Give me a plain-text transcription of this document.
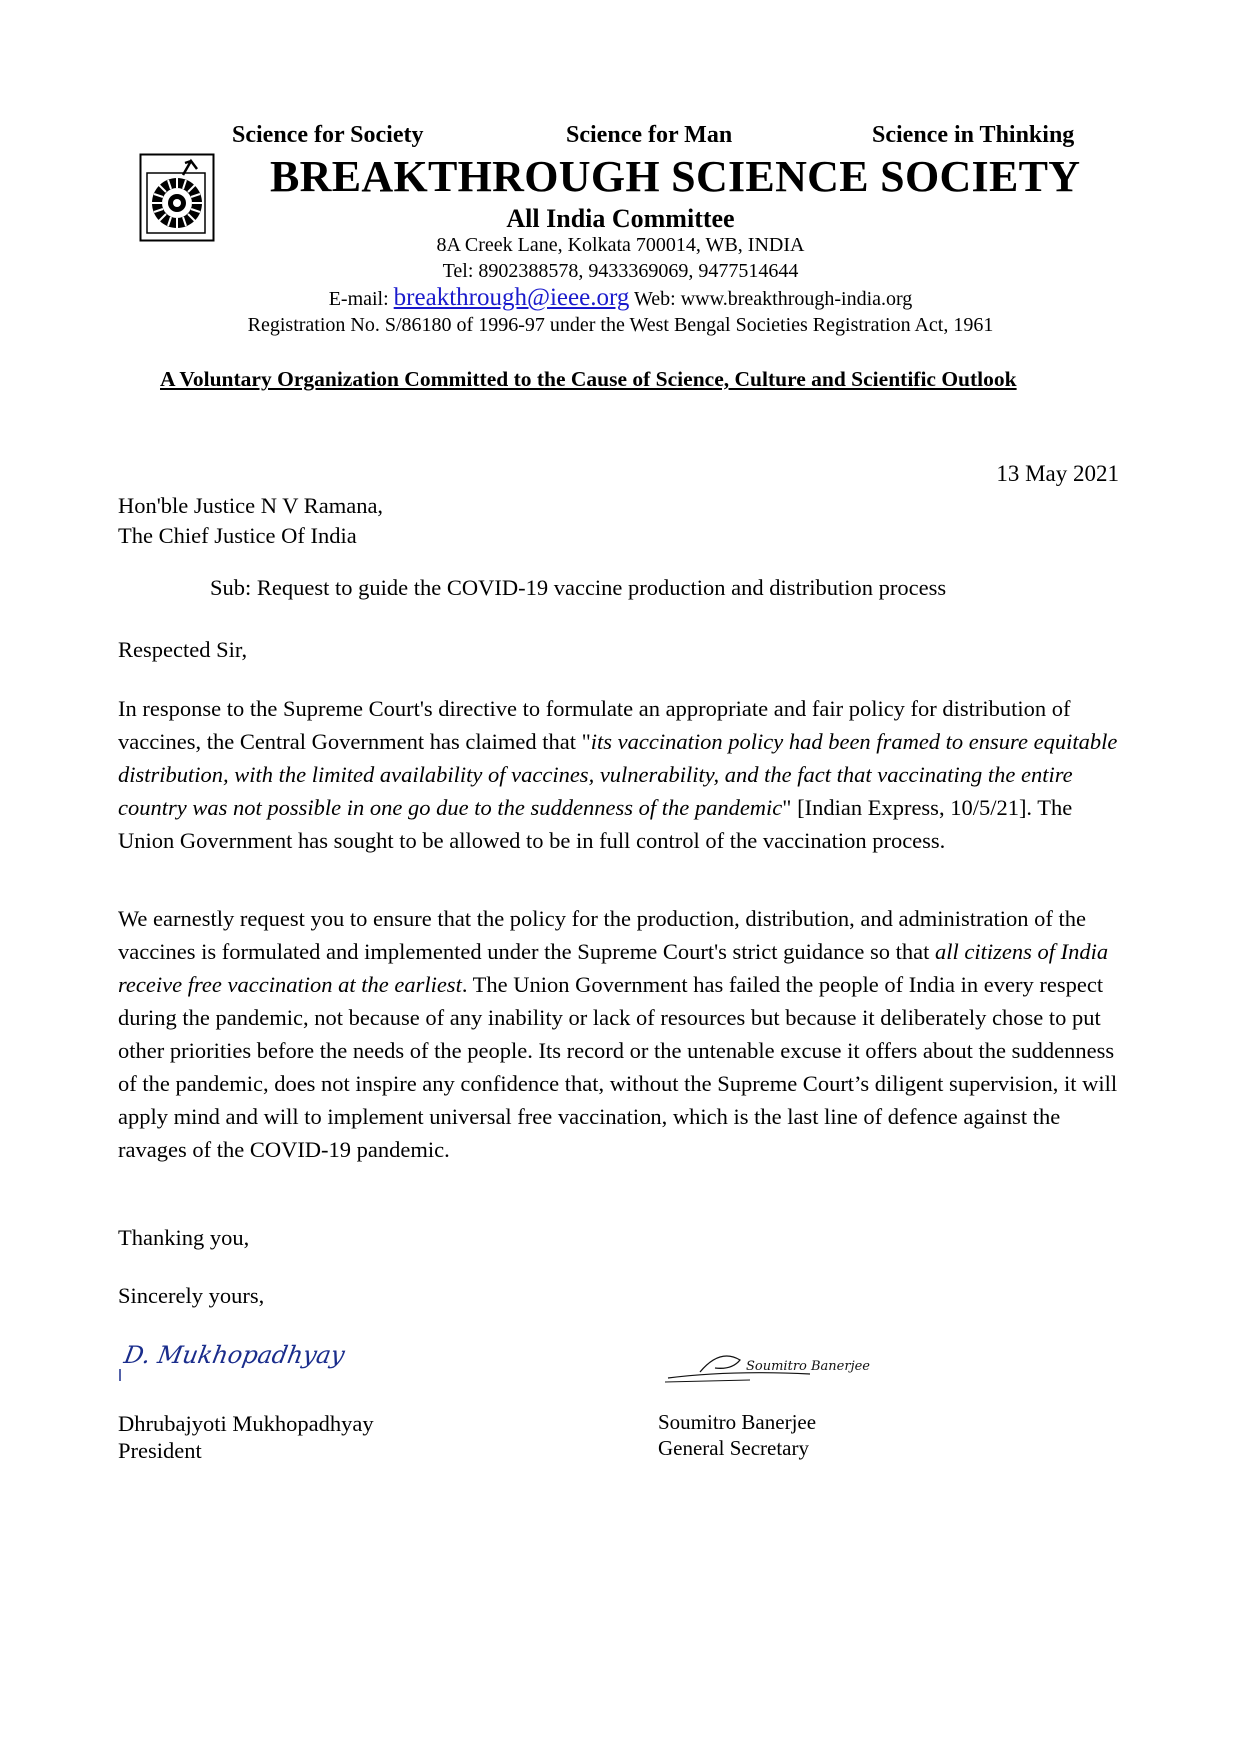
Science for Society	Science for Man	Science in Thinking
BREAKTHROUGH SCIENCE SOCIETY
All India Committee
8A Creek Lane, Kolkata 700014, WB, INDIA
Tel: 8902388578, 9433369069, 9477514644
E-mail: breakthrough@ieee.org Web: www.breakthrough-india.org
Registration No. S/86180 of 1996-97 under the West Bengal Societies Registration Act, 1961
A Voluntary Organization Committed to the Cause of Science, Culture and Scientific Outlook
13 May 2021
Hon'ble Justice N V Ramana,
The Chief Justice Of India
Sub: Request to guide the COVID-19 vaccine production and distribution process
Respected Sir,

In response to the Supreme Court's directive to formulate an appropriate and fair policy for distribution of vaccines, the Central Government has claimed that "its vaccination policy had been framed to ensure equitable distribution, with the limited availability of vaccines, vulnerability, and the fact that vaccinating the entire country was not possible in one go due to the suddenness of the pandemic" [Indian Express, 10/5/21]. The Union Government has sought to be allowed to be in full control of the vaccination process.

We earnestly request you to ensure that the policy for the production, distribution, and administration of the vaccines is formulated and implemented under the Supreme Court's strict guidance so that all citizens of India receive free vaccination at the earliest. The Union Government has failed the people of India in every respect during the pandemic, not because of any inability or lack of resources but because it deliberately chose to put other priorities before the needs of the people. Its record or the untenable excuse it offers about the suddenness of the pandemic, does not inspire any confidence that, without the Supreme Court’s diligent supervision, it will apply mind and will to implement universal free vaccination, which is the last line of defence against the ravages of the COVID-19 pandemic.

Thanking you,
Sincerely yours,
D. Mukhopadhyay	Soumitro Banerjee
Dhrubajyoti Mukhopadhyay
President
Soumitro Banerjee
General Secretary
